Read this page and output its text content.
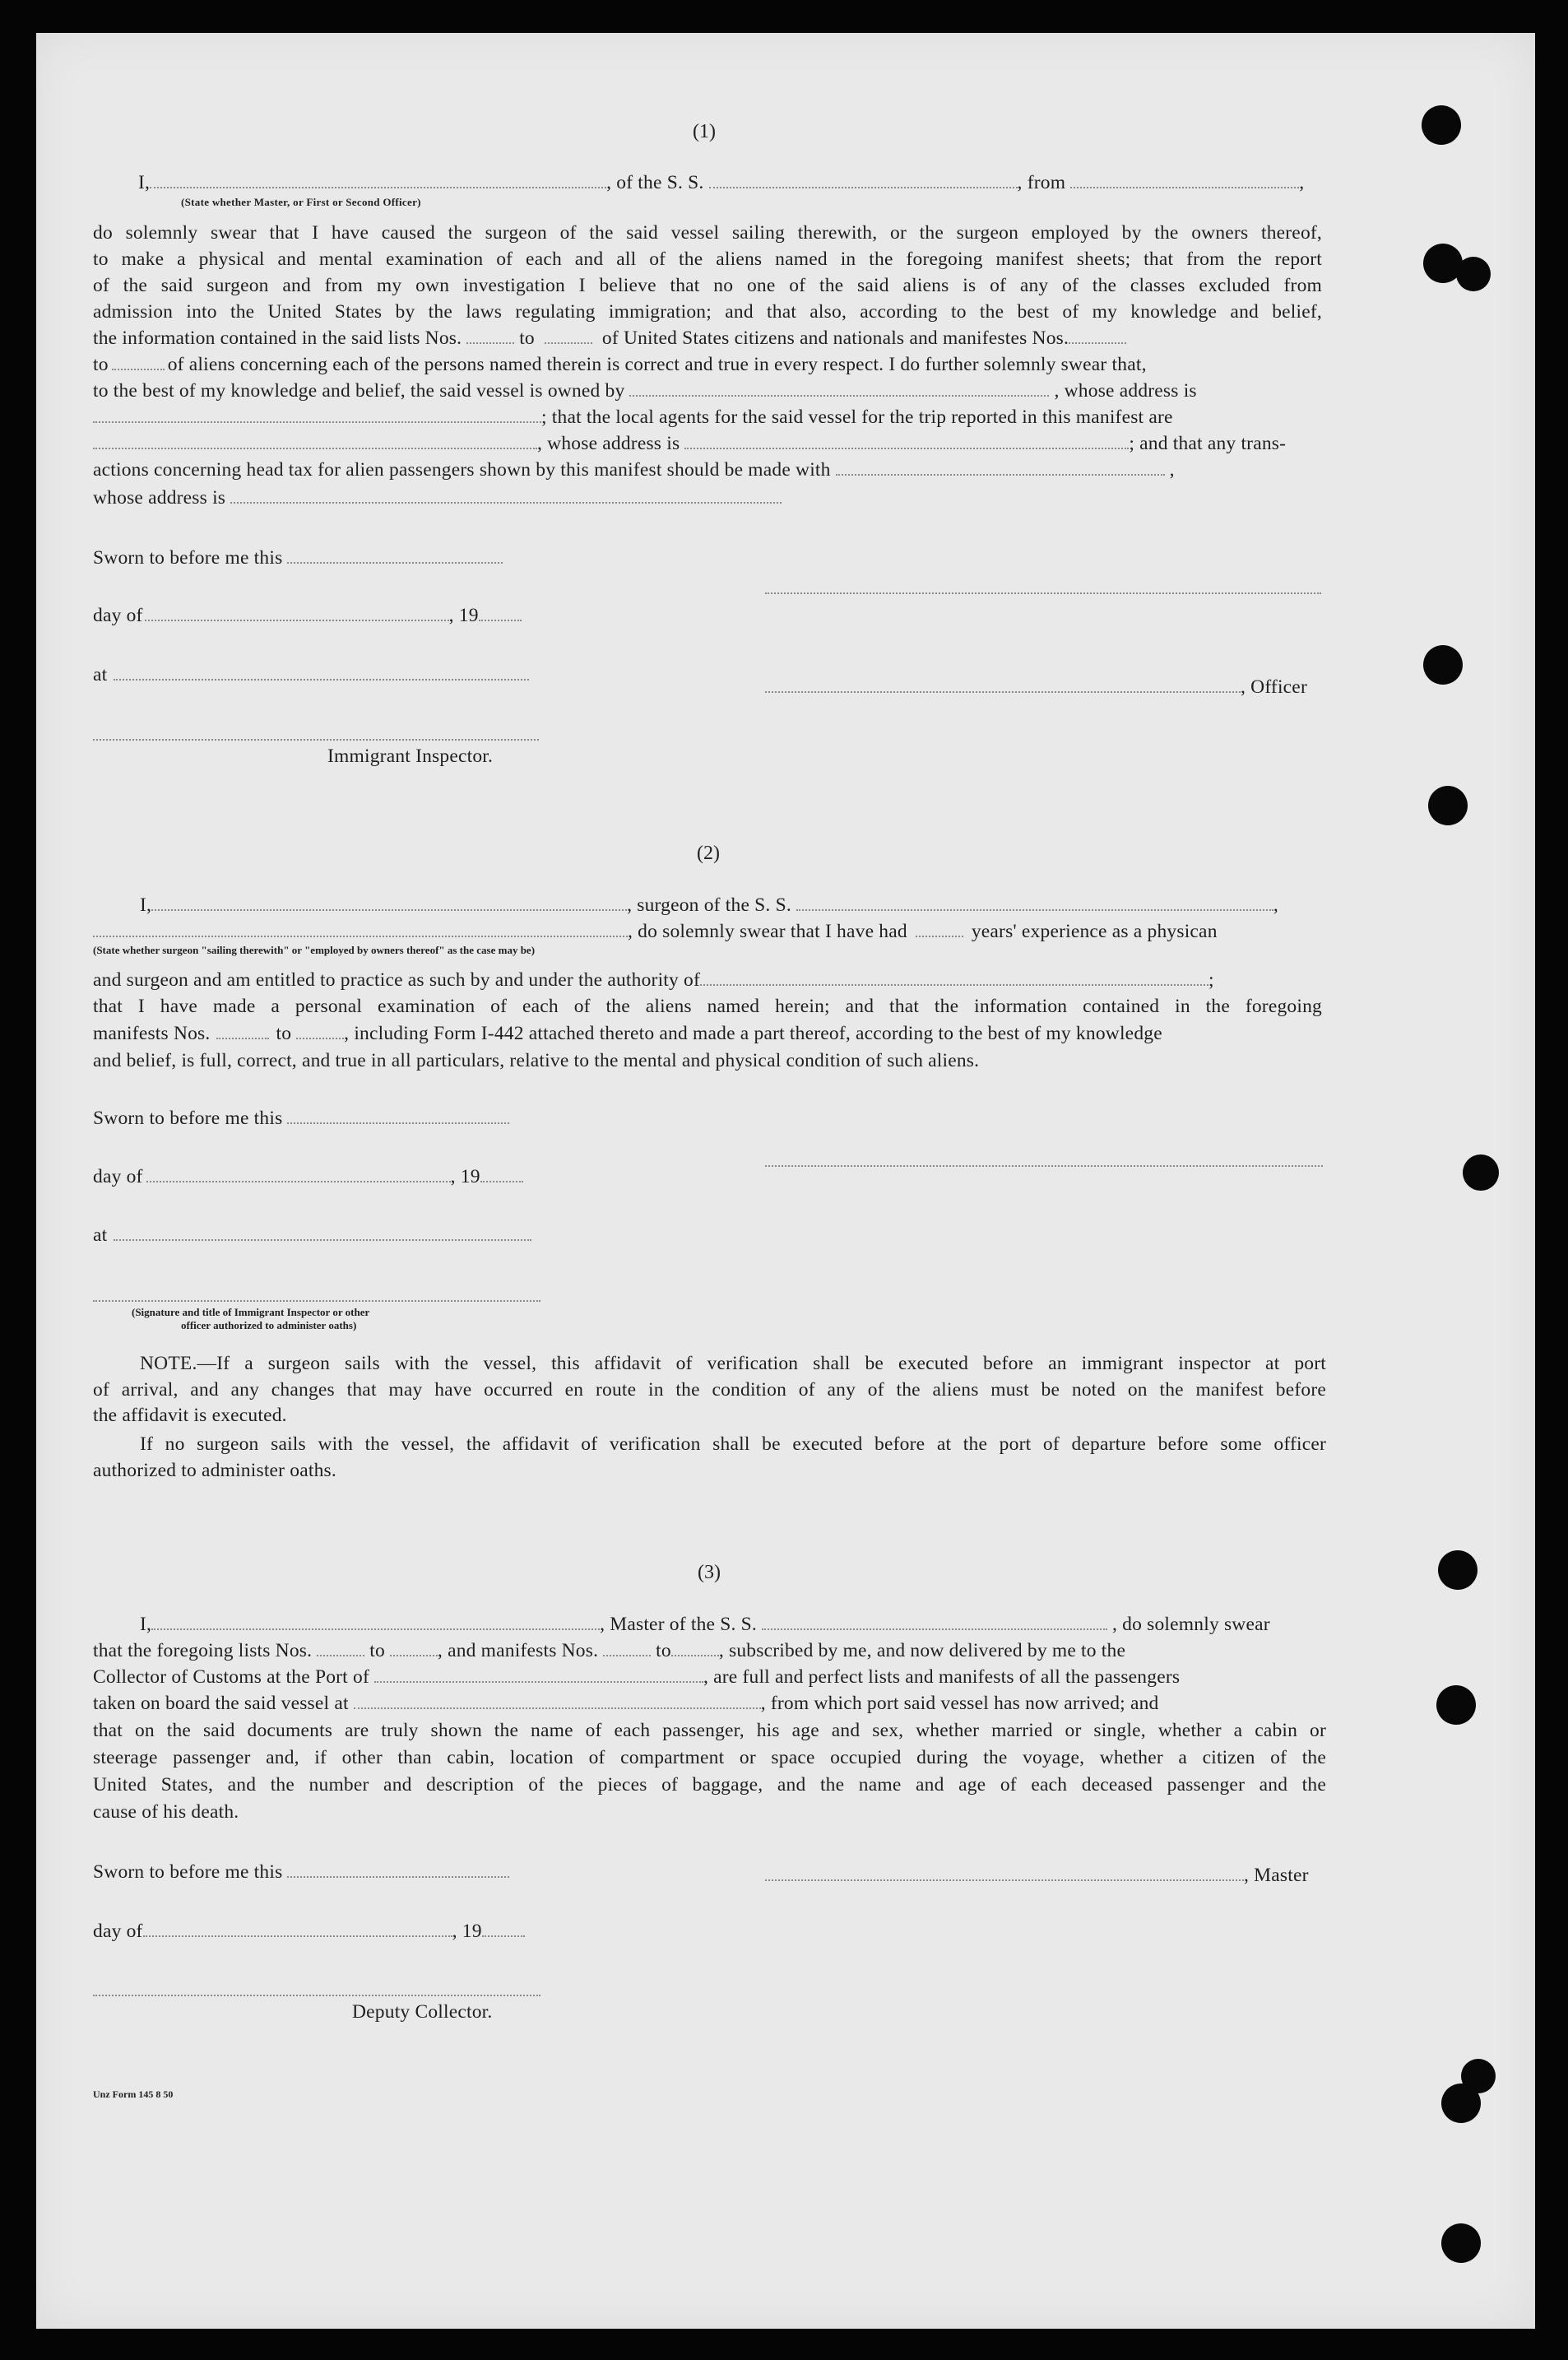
(1)
I,	, of the S. S.	, from	,
(State whether Master, or First or Second Officer)
do solemnly swear that I have caused the surgeon of the said vessel sailing therewith, or the surgeon employed by the owners thereof,
to make a physical and mental examination of each and all of the aliens named in the foregoing manifest sheets; that from the report
of the said surgeon and from my own investigation I believe that no one of the said aliens is of any of the classes excluded from
admission into the United States by the laws regulating immigration; and that also, according to the best of my knowledge and belief,
the information contained in the said lists Nos.	to	of United States citizens and nationals and manifestes Nos.
to	of aliens concerning each of the persons named therein is correct and true in every respect. I do further solemnly swear that,
to the best of my knowledge and belief, the said vessel is owned by	, whose address is
; that the local agents for the said vessel for the trip reported in this manifest are
, whose address is	; and that any trans-
actions concerning head tax for alien passengers shown by this manifest should be made with	,
whose address is
Sworn to before me this
day of	, 19
at
, Officer
Immigrant Inspector.
(2)
I,	, surgeon of the S. S.	,
, do solemnly swear that I have had	years' experience as a physican
(State whether surgeon "sailing therewith" or "employed by owners thereof" as the case may be)
and surgeon and am entitled to practice as such by and under the authority of	;
that I have made a personal examination of each of the aliens named herein; and that the information contained in the foregoing
manifests Nos.	to	, including Form I-442 attached thereto and made a part thereof, according to the best of my knowledge
and belief, is full, correct, and true in all particulars, relative to the mental and physical condition of such aliens.
Sworn to before me this
day of	, 19
at
(Signature and title of Immigrant Inspector or other
officer authorized to administer oaths)
NOTE.—If a surgeon sails with the vessel, this affidavit of verification shall be executed before an immigrant inspector at port
of arrival, and any changes that may have occurred en route in the condition of any of the aliens must be noted on the manifest before
the affidavit is executed.
If no surgeon sails with the vessel, the affidavit of verification shall be executed before at the port of departure before some officer
authorized to administer oaths.
(3)
I,	, Master of the S. S.	, do solemnly swear
that the foregoing lists Nos.	to	, and manifests Nos.	to , subscribed by me, and now delivered by me to the
Collector of Customs at the Port of	, are full and perfect lists and manifests of all the passengers
taken on board the said vessel at	, from which port said vessel has now arrived; and
that on the said documents are truly shown the name of each passenger, his age and sex, whether married or single, whether a cabin or
steerage passenger and, if other than cabin, location of compartment or space occupied during the voyage, whether a citizen of the
United States, and the number and description of the pieces of baggage, and the name and age of each deceased passenger and the
cause of his death.
Sworn to before me this	, Master
day of	, 19
Deputy Collector.
Unz Form 145 8 50
